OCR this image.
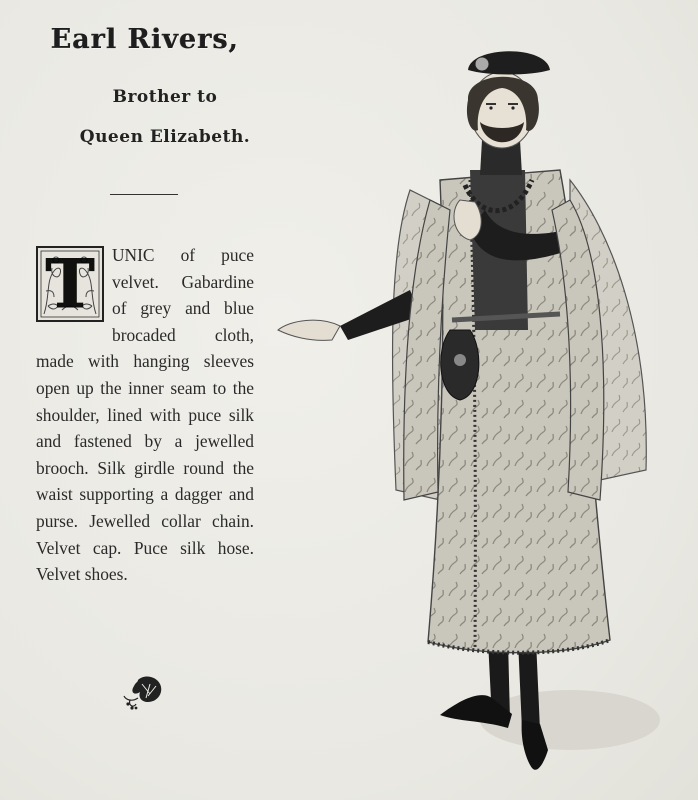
Earl Rivers,
Brother to
Queen Elizabeth.
T	UNIC of puce velvet. Gabardine of grey and blue brocaded cloth, made with hanging sleeves open up the inner seam to the shoulder, lined with puce silk and fastened by a jewelled brooch. Silk girdle round the waist supporting a dagger and purse. Jewelled collar chain. Velvet cap. Puce silk hose. Velvet shoes.
